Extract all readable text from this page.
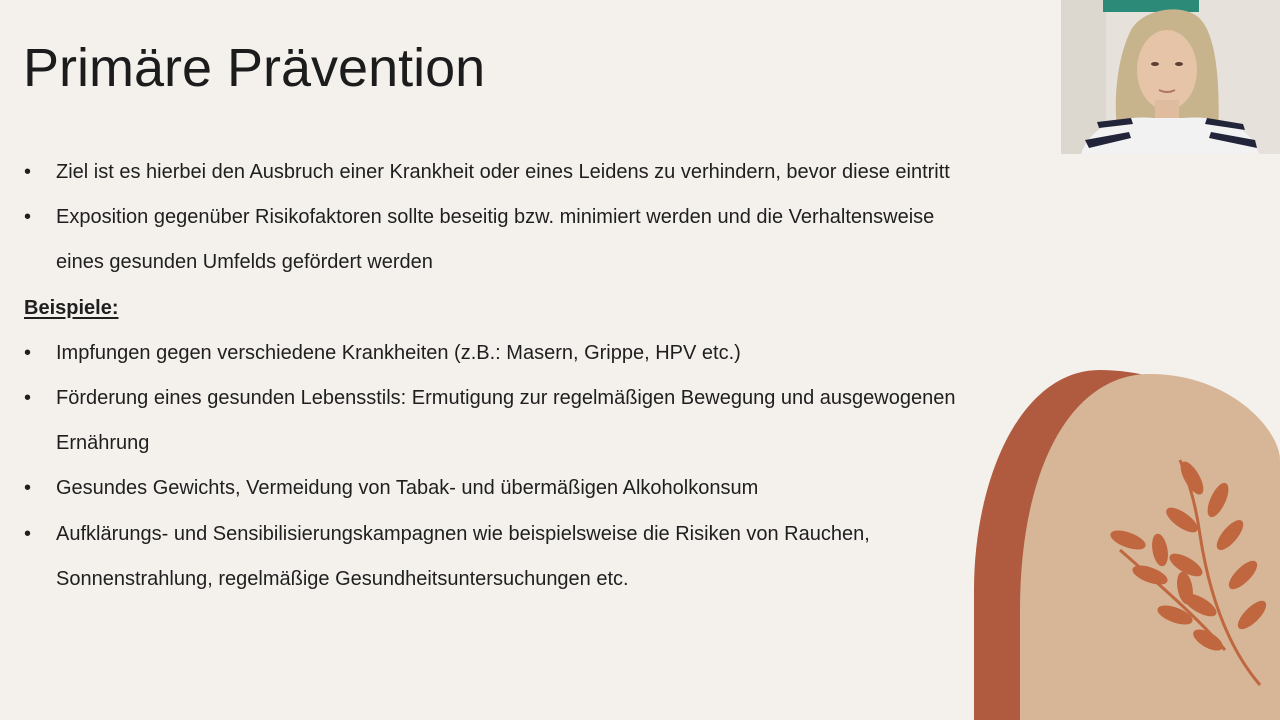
Primäre Prävention
• Ziel ist es hierbei den Ausbruch einer Krankheit oder eines Leidens zu verhindern, bevor diese eintritt
• Exposition gegenüber Risikofaktoren sollte beseitig bzw. minimiert werden und die Verhaltensweise eines gesunden Umfelds gefördert werden
Beispiele:
• Impfungen gegen verschiedene Krankheiten (z.B.: Masern, Grippe, HPV etc.)
• Förderung eines gesunden Lebensstils: Ermutigung zur regelmäßigen Bewegung und ausgewogenen Ernährung
• Gesundes Gewichts, Vermeidung von Tabak- und übermäßigen Alkoholkonsum
• Aufklärungs- und Sensibilisierungskampagnen wie beispielsweise die Risiken von Rauchen, Sonnenstrahlung, regelmäßige Gesundheitsuntersuchungen etc.
